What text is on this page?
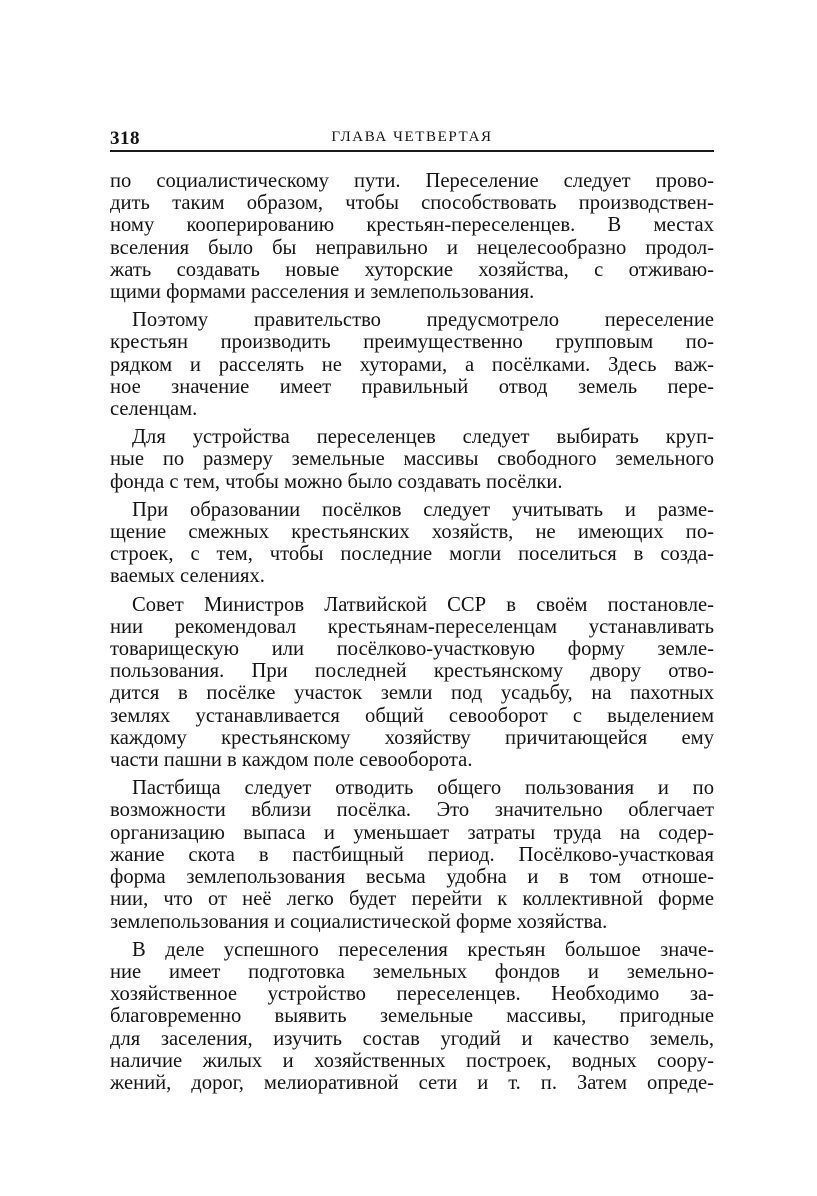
318	ГЛАВА ЧЕТВЕРТАЯ

по социалистическому пути. Переселение следует прово-
дить таким образом, чтобы способствовать производствен-
ному кооперированию крестьян-переселенцев. В местах
вселения было бы неправильно и нецелесообразно продол-
жать создавать новые хуторские хозяйства, с отживаю-
щими формами расселения и землепользования.

Поэтому правительство предусмотрело переселение
крестьян производить преимущественно групповым по-
рядком и расселять не хуторами, а посёлками. Здесь важ-
ное значение имеет правильный отвод земель пере-
селенцам.

Для устройства переселенцев следует выбирать круп-
ные по размеру земельные массивы свободного земельного
фонда с тем, чтобы можно было создавать посёлки.

При образовании посёлков следует учитывать и разме-
щение смежных крестьянских хозяйств, не имеющих по-
строек, с тем, чтобы последние могли поселиться в созда-
ваемых селениях.

Совет Министров Латвийской ССР в своём постановле-
нии рекомендовал крестьянам-переселенцам устанавливать
товарищескую или посёлково-участковую форму земле-
пользования. При последней крестьянскому двору отво-
дится в посёлке участок земли под усадьбу, на пахотных
землях устанавливается общий севооборот с выделением
каждому крестьянскому хозяйству причитающейся ему
части пашни в каждом поле севооборота.

Пастбища следует отводить общего пользования и по
возможности вблизи посёлка. Это значительно облегчает
организацию выпаса и уменьшает затраты труда на содер-
жание скота в пастбищный период. Посёлково-участковая
форма землепользования весьма удобна и в том отноше-
нии, что от неё легко будет перейти к коллективной форме
землепользования и социалистической форме хозяйства.

В деле успешного переселения крестьян большое значе-
ние имеет подготовка земельных фондов и земельно-
хозяйственное устройство переселенцев. Необходимо за-
благовременно выявить земельные массивы, пригодные
для заселения, изучить состав угодий и качество земель,
наличие жилых и хозяйственных построек, водных соору-
жений, дорог, мелиоративной сети и т. п. Затем опреде-
